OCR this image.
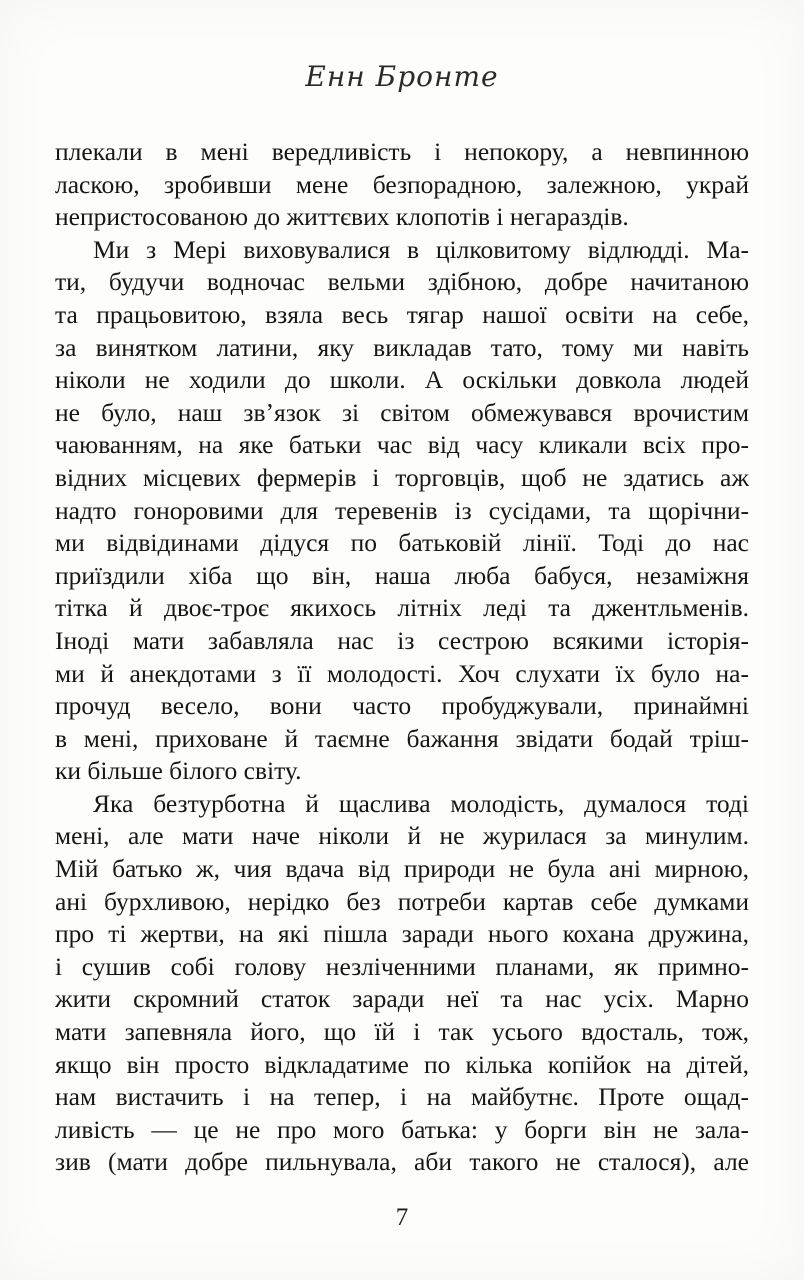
Енн Бронте
плекали в мені вередливість і непокору, а невпинною
ласкою, зробивши мене безпорадною, залежною, украй
непристосованою до життєвих клопотів і негараздів.
Ми з Мері виховувалися в цілковитому відлюдді. Ма-
ти, будучи водночас вельми здібною, добре начитаною
та працьовитою, взяла весь тягар нашої освіти на себе,
за винятком латини, яку викладав тато, тому ми навіть
ніколи не ходили до школи. А оскільки довкола людей
не було, наш звʼязок зі світом обмежувався врочистим
чаюванням, на яке батьки час від часу кликали всіх про-
відних місцевих фермерів і торговців, щоб не здатись аж
надто гоноровими для теревенів із сусідами, та щорічни-
ми відвідинами дідуся по батьковій лінії. Тоді до нас
приїздили хіба що він, наша люба бабуся, незаміжня
тітка й двоє-троє якихось літніх леді та джентльменів.
Іноді мати забавляла нас із сестрою всякими історія-
ми й анекдотами з її молодості. Хоч слухати їх було на-
прочуд весело, вони часто пробуджували, принаймні
в мені, приховане й таємне бажання звідати бодай тріш-
ки більше білого світу.
Яка безтурботна й щаслива молодість, думалося тоді
мені, але мати наче ніколи й не журилася за минулим.
Мій батько ж, чия вдача від природи не була ані мирною,
ані бурхливою, нерідко без потреби картав себе думками
про ті жертви, на які пішла заради нього кохана дружина,
і сушив собі голову незліченними планами, як примно-
жити скромний статок заради неї та нас усіх. Марно
мати запевняла його, що їй і так усього вдосталь, тож,
якщо він просто відкладатиме по кілька копійок на дітей,
нам вистачить і на тепер, і на майбутнє. Проте ощад-
ливість — це не про мого батька: у борги він не зала-
зив (мати добре пильнувала, аби такого не сталося), але
7
